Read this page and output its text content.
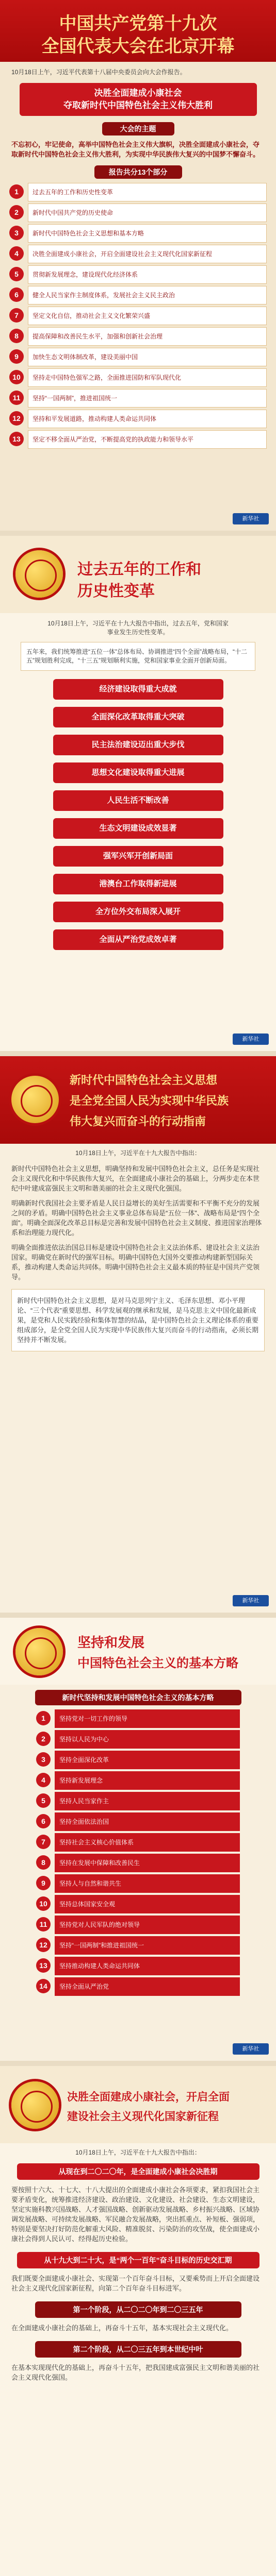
中国共产党第十九次
全国代表大会在北京开幕
10月18日上午，习近平代表第十八届中央委员会向大会作报告。
决胜全面建成小康社会
夺取新时代中国特色社会主义伟大胜利
大会的主题
不忘初心，牢记使命，高举中国特色社会主义伟大旗帜，决胜全面建成小康社会，夺取新时代中国特色社会主义伟大胜利，为实现中华民族伟大复兴的中国梦不懈奋斗。
报告共分13个部分
1	过去五年的工作和历史性变革
2	新时代中国共产党的历史使命
3	新时代中国特色社会主义思想和基本方略
4	决胜全面建成小康社会，开启全面建设社会主义现代化国家新征程
5	贯彻新发展理念，建设现代化经济体系
6	健全人民当家作主制度体系，发展社会主义民主政治
7	坚定文化自信，推动社会主义文化繁荣兴盛
8	提高保障和改善民生水平，加强和创新社会治理
9	加快生态文明体制改革，建设美丽中国
10	坚持走中国特色强军之路，全面推进国防和军队现代化
11	坚持“一国两制”，推进祖国统一
12	坚持和平发展道路，推动构建人类命运共同体
13	坚定不移全面从严治党，不断提高党的执政能力和领导水平
新华社
过去五年的工作和
历史性变革
10月18日上午，习近平在十九大报告中指出，过去五年，党和国家事业发生历史性变革。
五年来，我们统筹推进“五位一体”总体布局、协调推进“四个全面”战略布局，“十二五”规划胜利完成，“十三五”规划顺利实施，党和国家事业全面开创新局面。
经济建设取得重大成就
全面深化改革取得重大突破
民主法治建设迈出重大步伐
思想文化建设取得重大进展
人民生活不断改善
生态文明建设成效显著
强军兴军开创新局面
港澳台工作取得新进展
全方位外交布局深入展开
全面从严治党成效卓著
新华社
新时代中国特色社会主义思想
是全党全国人民为实现中华民族
伟大复兴而奋斗的行动指南
10月18日上午，习近平在十九大报告中指出：
新时代中国特色社会主义思想，明确坚持和发展中国特色社会主义，总任务是实现社会主义现代化和中华民族伟大复兴，在全面建成小康社会的基础上，分两步走在本世纪中叶建成富强民主文明和谐美丽的社会主义现代化强国。
明确新时代我国社会主要矛盾是人民日益增长的美好生活需要和不平衡不充分的发展之间的矛盾。明确中国特色社会主义事业总体布局是“五位一体”、战略布局是“四个全面”。明确全面深化改革总目标是完善和发展中国特色社会主义制度、推进国家治理体系和治理能力现代化。
明确全面推进依法治国总目标是建设中国特色社会主义法治体系、建设社会主义法治国家。明确党在新时代的强军目标。明确中国特色大国外交要推动构建新型国际关系，推动构建人类命运共同体。明确中国特色社会主义最本质的特征是中国共产党领导。
新时代中国特色社会主义思想，是对马克思列宁主义、毛泽东思想、邓小平理论、“三个代表”重要思想、科学发展观的继承和发展，是马克思主义中国化最新成果，是党和人民实践经验和集体智慧的结晶，是中国特色社会主义理论体系的重要组成部分，是全党全国人民为实现中华民族伟大复兴而奋斗的行动指南，必须长期坚持并不断发展。
新华社
坚持和发展
中国特色社会主义的基本方略
新时代坚持和发展中国特色社会主义的基本方略
1	坚持党对一切工作的领导
2	坚持以人民为中心
3	坚持全面深化改革
4	坚持新发展理念
5	坚持人民当家作主
6	坚持全面依法治国
7	坚持社会主义核心价值体系
8	坚持在发展中保障和改善民生
9	坚持人与自然和谐共生
10	坚持总体国家安全观
11	坚持党对人民军队的绝对领导
12	坚持“一国两制”和推进祖国统一
13	坚持推动构建人类命运共同体
14	坚持全面从严治党
新华社
决胜全面建成小康社会，开启全面
建设社会主义现代化国家新征程
10月18日上午，习近平在十九大报告中指出：
从现在到二〇二〇年，是全面建成小康社会决胜期
要按照十六大、十七大、十八大提出的全面建成小康社会各项要求，紧扣我国社会主要矛盾变化，统筹推进经济建设、政治建设、文化建设、社会建设、生态文明建设，坚定实施科教兴国战略、人才强国战略、创新驱动发展战略、乡村振兴战略、区域协调发展战略、可持续发展战略、军民融合发展战略，突出抓重点、补短板、强弱项，特别是要坚决打好防范化解重大风险、精准脱贫、污染防治的攻坚战，使全面建成小康社会得到人民认可、经得起历史检验。
从十九大到二十大，是“两个一百年”奋斗目标的历史交汇期
我们既要全面建成小康社会、实现第一个百年奋斗目标，又要乘势而上开启全面建设社会主义现代化国家新征程，向第二个百年奋斗目标进军。
第一个阶段，从二〇二〇年到二〇三五年
在全面建成小康社会的基础上，再奋斗十五年，基本实现社会主义现代化。
第二个阶段，从二〇三五年到本世纪中叶
在基本实现现代化的基础上，再奋斗十五年，把我国建成富强民主文明和谐美丽的社会主义现代化强国。
